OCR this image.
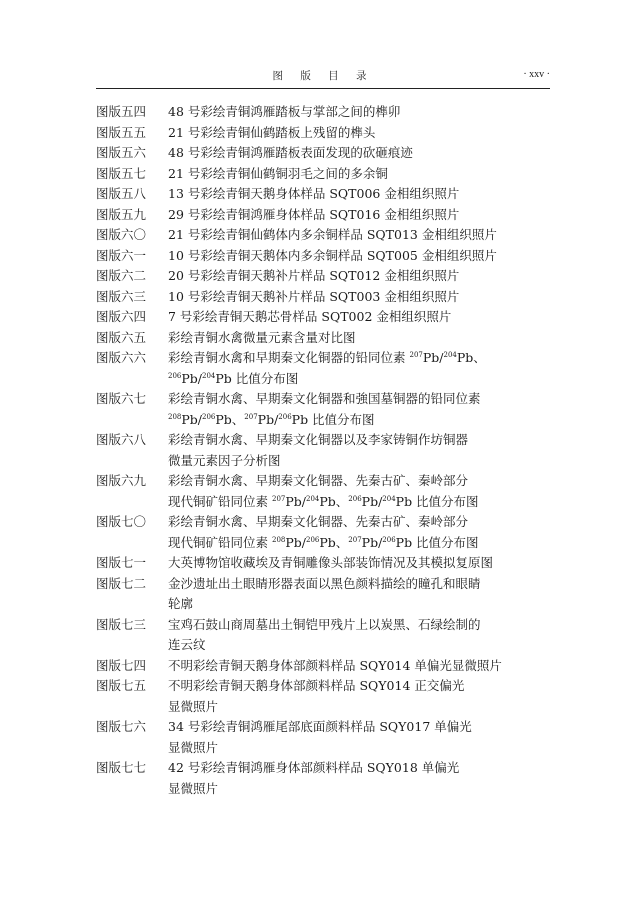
图 版 目 录	· xxv ·
图版五四	48 号彩绘青铜鸿雁踏板与掌部之间的榫卯
图版五五	21 号彩绘青铜仙鹤踏板上残留的榫头
图版五六	48 号彩绘青铜鸿雁踏板表面发现的砍砸痕迹
图版五七	21 号彩绘青铜仙鹤铜羽毛之间的多余铜
图版五八	13 号彩绘青铜天鹅身体样品 SQT006 金相组织照片
图版五九	29 号彩绘青铜鸿雁身体样品 SQT016 金相组织照片
图版六〇	21 号彩绘青铜仙鹤体内多余铜样品 SQT013 金相组织照片
图版六一	10 号彩绘青铜天鹅体内多余铜样品 SQT005 金相组织照片
图版六二	20 号彩绘青铜天鹅补片样品 SQT012 金相组织照片
图版六三	10 号彩绘青铜天鹅补片样品 SQT003 金相组织照片
图版六四	7 号彩绘青铜天鹅芯骨样品 SQT002 金相组织照片
图版六五	彩绘青铜水禽微量元素含量对比图
图版六六	彩绘青铜水禽和早期秦文化铜器的铅同位素 $^{207}$Pb/$^{204}$Pb、
$^{206}$Pb/$^{204}$Pb 比值分布图
图版六七	彩绘青铜水禽、早期秦文化铜器和強国墓铜器的铅同位素
$^{208}$Pb/$^{206}$Pb、$^{207}$Pb/$^{206}$Pb 比值分布图
图版六八	彩绘青铜水禽、早期秦文化铜器以及李家铸铜作坊铜器
微量元素因子分析图
图版六九	彩绘青铜水禽、早期秦文化铜器、先秦古矿、秦岭部分
现代铜矿铅同位素 $^{207}$Pb/$^{204}$Pb、$^{206}$Pb/$^{204}$Pb 比值分布图
图版七〇	彩绘青铜水禽、早期秦文化铜器、先秦古矿、秦岭部分
现代铜矿铅同位素 $^{208}$Pb/$^{206}$Pb、$^{207}$Pb/$^{206}$Pb 比值分布图
图版七一	大英博物馆收藏埃及青铜雕像头部装饰情况及其模拟复原图
图版七二	金沙遗址出土眼睛形器表面以黑色颜料描绘的瞳孔和眼睛
轮廓
图版七三	宝鸡石鼓山商周墓出土铜铠甲残片上以炭黑、石绿绘制的
连云纹
图版七四	不明彩绘青铜天鹅身体部颜料样品 SQY014 单偏光显微照片
图版七五	不明彩绘青铜天鹅身体部颜料样品 SQY014 正交偏光
显微照片
图版七六	34 号彩绘青铜鸿雁尾部底面颜料样品 SQY017 单偏光
显微照片
图版七七	42 号彩绘青铜鸿雁身体部颜料样品 SQY018 单偏光
显微照片
